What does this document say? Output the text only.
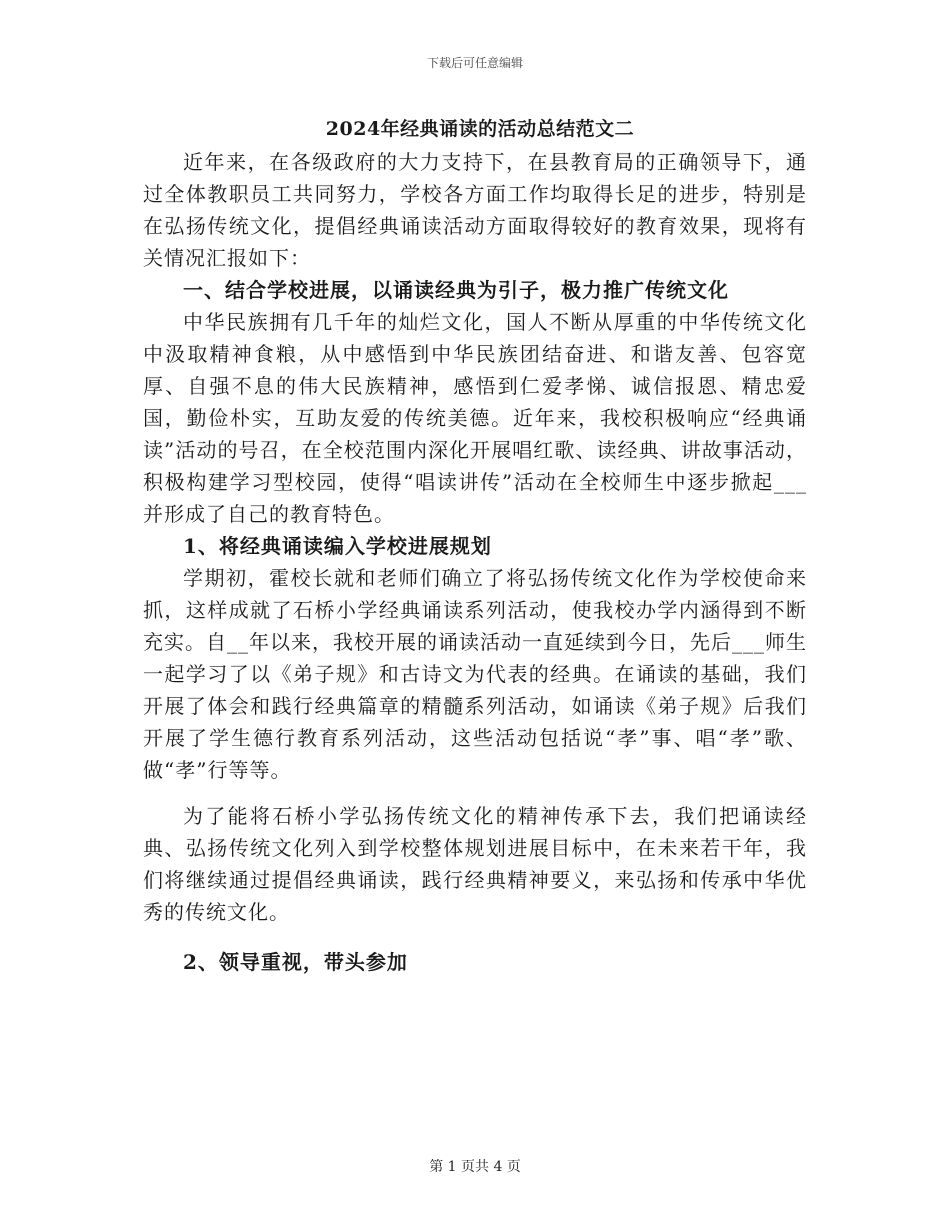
下载后可任意编辑
2024年经典诵读的活动总结范文二

近年来，在各级政府的大力支持下，在县教育局的正确领导下，通过全体教职员工共同努力，学校各方面工作均取得长足的进步，特别是在弘扬传统文化，提倡经典诵读活动方面取得较好的教育效果，现将有关情况汇报如下：

一、结合学校进展，以诵读经典为引子，极力推广传统文化

中华民族拥有几千年的灿烂文化，国人不断从厚重的中华传统文化中汲取精神食粮，从中感悟到中华民族团结奋进、和谐友善、包容宽厚、自强不息的伟大民族精神，感悟到仁爱孝悌、诚信报恩、精忠爱国，勤俭朴实，互助友爱的传统美德。近年来，我校积极响应“经典诵读”活动的号召，在全校范围内深化开展唱红歌、读经典、讲故事活动，积极构建学习型校园，使得“唱读讲传”活动在全校师生中逐步掀起___并形成了自己的教育特色。

1、将经典诵读编入学校进展规划

学期初，霍校长就和老师们确立了将弘扬传统文化作为学校使命来抓，这样成就了石桥小学经典诵读系列活动，使我校办学内涵得到不断充实。自__年以来，我校开展的诵读活动一直延续到今日，先后___师生一起学习了以《弟子规》和古诗文为代表的经典。在诵读的基础，我们开展了体会和践行经典篇章的精髓系列活动，如诵读《弟子规》后我们开展了学生德行教育系列活动，这些活动包括说“孝”事、唱“孝”歌、做“孝”行等等。

为了能将石桥小学弘扬传统文化的精神传承下去，我们把诵读经典、弘扬传统文化列入到学校整体规划进展目标中，在未来若干年，我们将继续通过提倡经典诵读，践行经典精神要义，来弘扬和传承中华优秀的传统文化。

2、领导重视，带头参加

第 1 页共 4 页
